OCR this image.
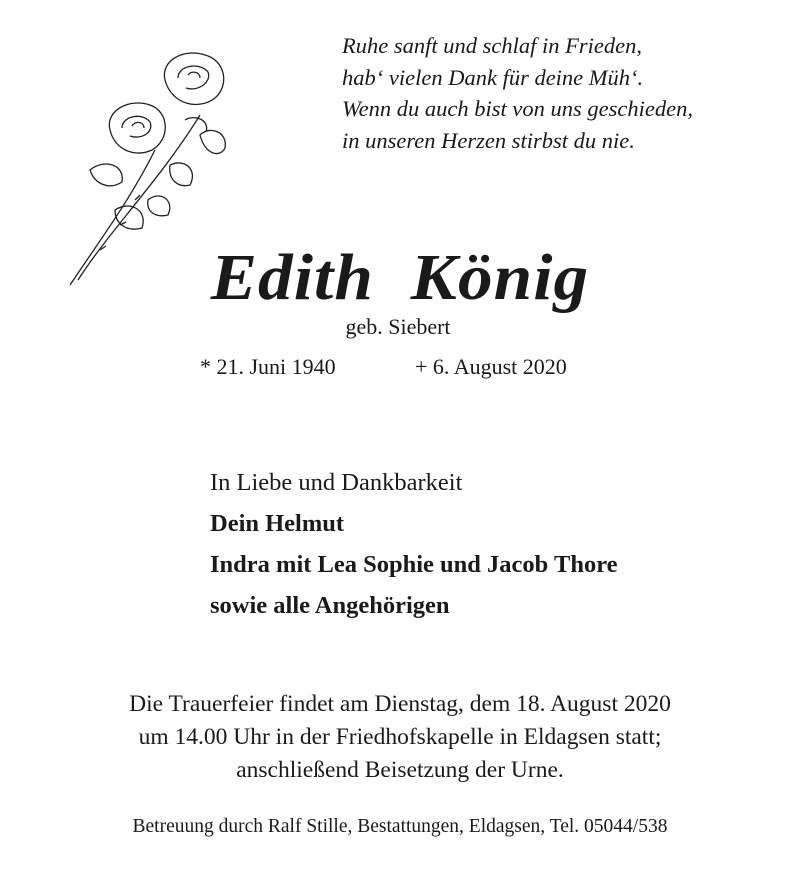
Ruhe sanft und schlaf in Frieden,
hab‘ vielen Dank für deine Müh‘.
Wenn du auch bist von uns geschieden,
in unseren Herzen stirbst du nie.
Edith  König
geb. Siebert
* 21. Juni 1940	+ 6. August 2020
In Liebe und Dankbarkeit
Dein Helmut
Indra mit Lea Sophie und Jacob Thore
sowie alle Angehörigen
Die Trauerfeier findet am Dienstag, dem 18. August 2020
um 14.00 Uhr in der Friedhofskapelle in Eldagsen statt;
anschließend Beisetzung der Urne.
Betreuung durch Ralf Stille, Bestattungen, Eldagsen, Tel. 05044/538
